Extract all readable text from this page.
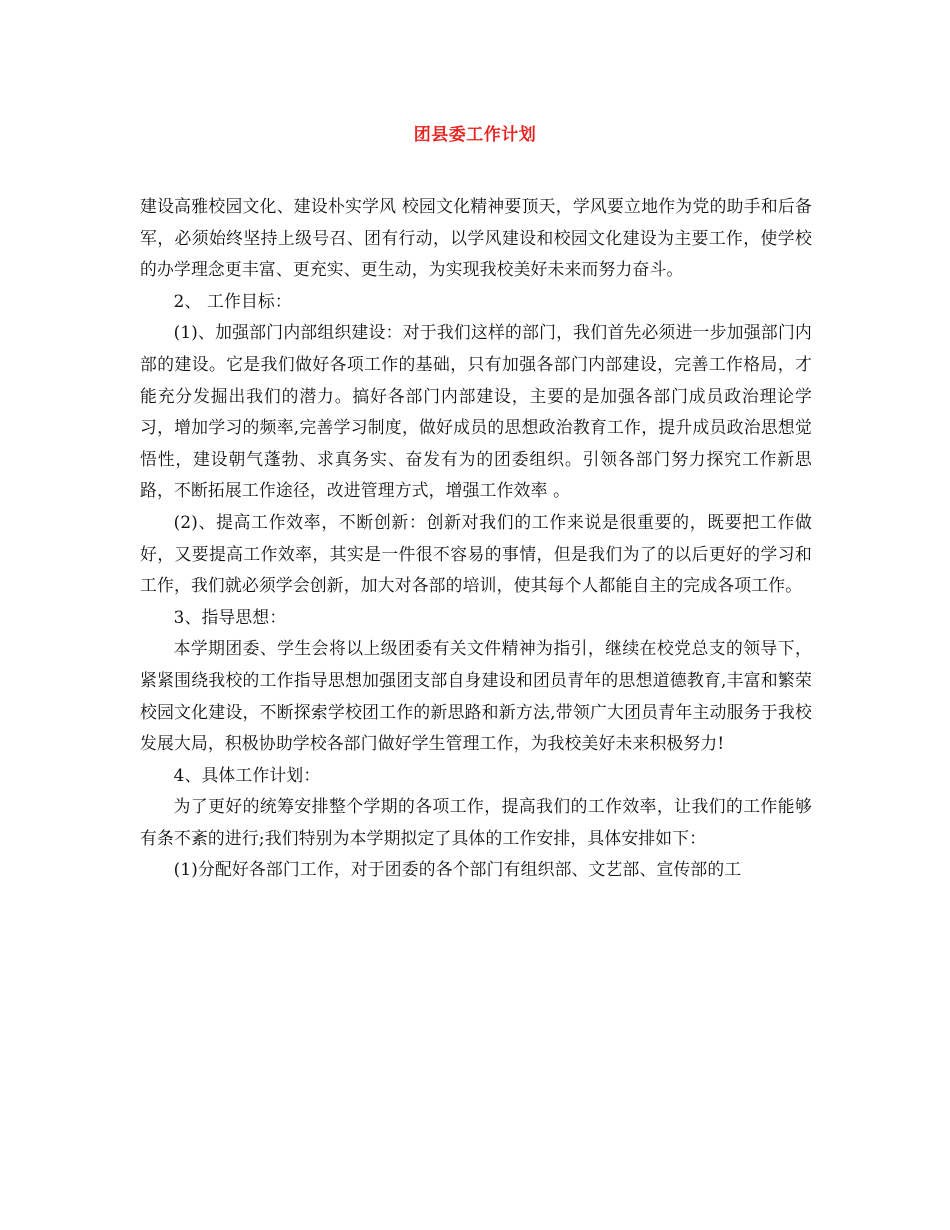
团县委工作计划

建设高雅校园文化、建设朴实学风 校园文化精神要顶天，学风要立地作为党的助手和后备军，必须始终坚持上级号召、团有行动，以学风建设和校园文化建设为主要工作，使学校的办学理念更丰富、更充实、更生动，为实现我校美好未来而努力奋斗。

2、 工作目标：

(1)、加强部门内部组织建设：对于我们这样的部门，我们首先必须进一步加强部门内部的建设。它是我们做好各项工作的基础，只有加强各部门内部建设，完善工作格局，才能充分发掘出我们的潜力。搞好各部门内部建设，主要的是加强各部门成员政治理论学习，增加学习的频率,完善学习制度，做好成员的思想政治教育工作，提升成员政治思想觉悟性，建设朝气蓬勃、求真务实、奋发有为的团委组织。引领各部门努力探究工作新思路，不断拓展工作途径，改进管理方式，增强工作效率 。

(2)、提高工作效率，不断创新：创新对我们的工作来说是很重要的，既要把工作做好，又要提高工作效率，其实是一件很不容易的事情，但是我们为了的以后更好的学习和工作，我们就必须学会创新，加大对各部的培训，使其每个人都能自主的完成各项工作。

3、指导思想：

本学期团委、学生会将以上级团委有关文件精神为指引，继续在校党总支的领导下，紧紧围绕我校的工作指导思想加强团支部自身建设和团员青年的思想道德教育,丰富和繁荣校园文化建设，不断探索学校团工作的新思路和新方法,带领广大团员青年主动服务于我校发展大局，积极协助学校各部门做好学生管理工作，为我校美好未来积极努力!

4、具体工作计划：

为了更好的统筹安排整个学期的各项工作，提高我们的工作效率，让我们的工作能够有条不紊的进行;我们特别为本学期拟定了具体的工作安排，具体安排如下：

(1)分配好各部门工作，对于团委的各个部门有组织部、文艺部、宣传部的工
